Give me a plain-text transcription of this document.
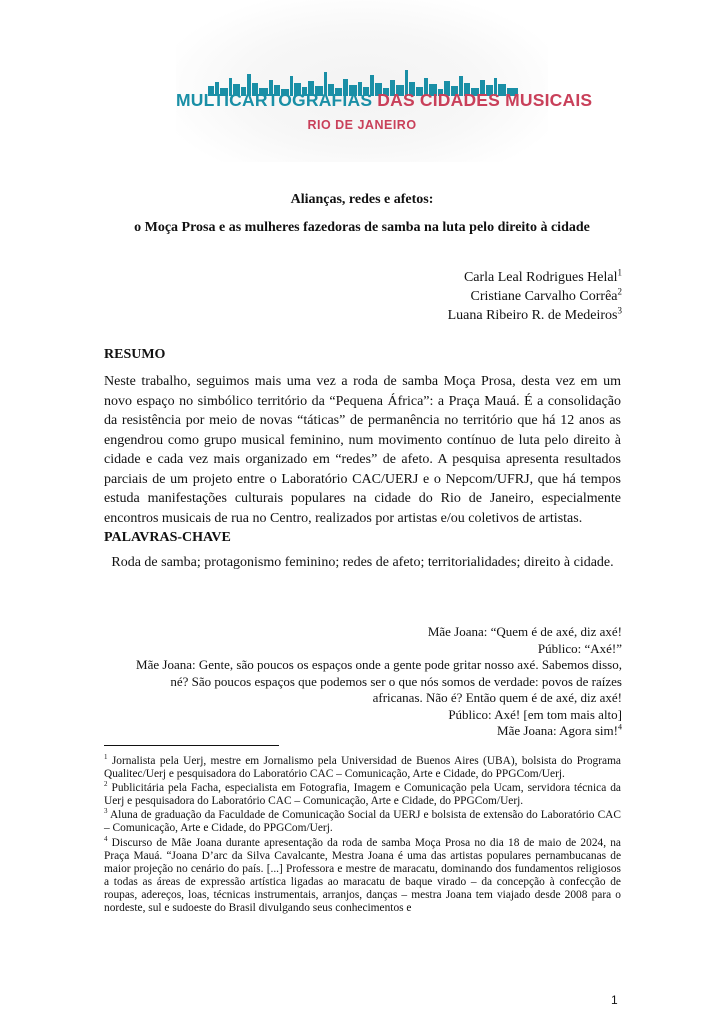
MULTICARTOGRAFIAS DAS CIDADES MUSICAIS
RIO DE JANEIRO
Alianças, redes e afetos:
o Moça Prosa e as mulheres fazedoras de samba na luta pelo direito à cidade
Carla Leal Rodrigues Helal$^1$
Cristiane Carvalho Corrêa$^2$
Luana Ribeiro R. de Medeiros$^3$
RESUMO
Neste trabalho, seguimos mais uma vez a roda de samba Moça Prosa, desta vez em um novo espaço no simbólico território da “Pequena África”: a Praça Mauá. É a consolidação da resistência por meio de novas “táticas” de permanência no território que há 12 anos as engendrou como grupo musical feminino, num movimento contínuo de luta pelo direito à cidade e cada vez mais organizado em “redes” de afeto. A pesquisa apresenta resultados parciais de um projeto entre o Laboratório CAC/UERJ e o Nepcom/UFRJ, que há tempos estuda manifestações culturais populares na cidade do Rio de Janeiro, especialmente encontros musicais de rua no Centro, realizados por artistas e/ou coletivos de artistas.
PALAVRAS-CHAVE
Roda de samba; protagonismo feminino; redes de afeto; territorialidades; direito à cidade.
Mãe Joana: “Quem é de axé, diz axé!
Público: “Axé!”
Mãe Joana: Gente, são poucos os espaços onde a gente pode gritar nosso axé. Sabemos disso,
né? São poucos espaços que podemos ser o que nós somos de verdade: povos de raízes
africanas. Não é? Então quem é de axé, diz axé!
Público: Axé! [em tom mais alto]
Mãe Joana: Agora sim!$^4$

$^1$ Jornalista pela Uerj, mestre em Jornalismo pela Universidad de Buenos Aires (UBA), bolsista do Programa Qualitec/Uerj e pesquisadora do Laboratório CAC – Comunicação, Arte e Cidade, do PPGCom/Uerj.

$^2$ Publicitária pela Facha, especialista em Fotografia, Imagem e Comunicação pela Ucam, servidora técnica da Uerj e pesquisadora do Laboratório CAC – Comunicação, Arte e Cidade, do PPGCom/Uerj.

$^3$ Aluna de graduação da Faculdade de Comunicação Social da UERJ e bolsista de extensão do Laboratório CAC – Comunicação, Arte e Cidade, do PPGCom/Uerj.

$^4$ Discurso de Mãe Joana durante apresentação da roda de samba Moça Prosa no dia 18 de maio de 2024, na Praça Mauá. “Joana D’arc da Silva Cavalcante, Mestra Joana é uma das artistas populares pernambucanas de maior projeção no cenário do país. [...] Professora e mestre de maracatu, dominando dos fundamentos religiosos a todas as áreas de expressão artística ligadas ao maracatu de baque virado – da concepção à confecção de roupas, adereços, loas, técnicas instrumentais, arranjos, danças – mestra Joana tem viajado desde 2008 para o nordeste, sul e sudoeste do Brasil divulgando seus conhecimentos e

1
